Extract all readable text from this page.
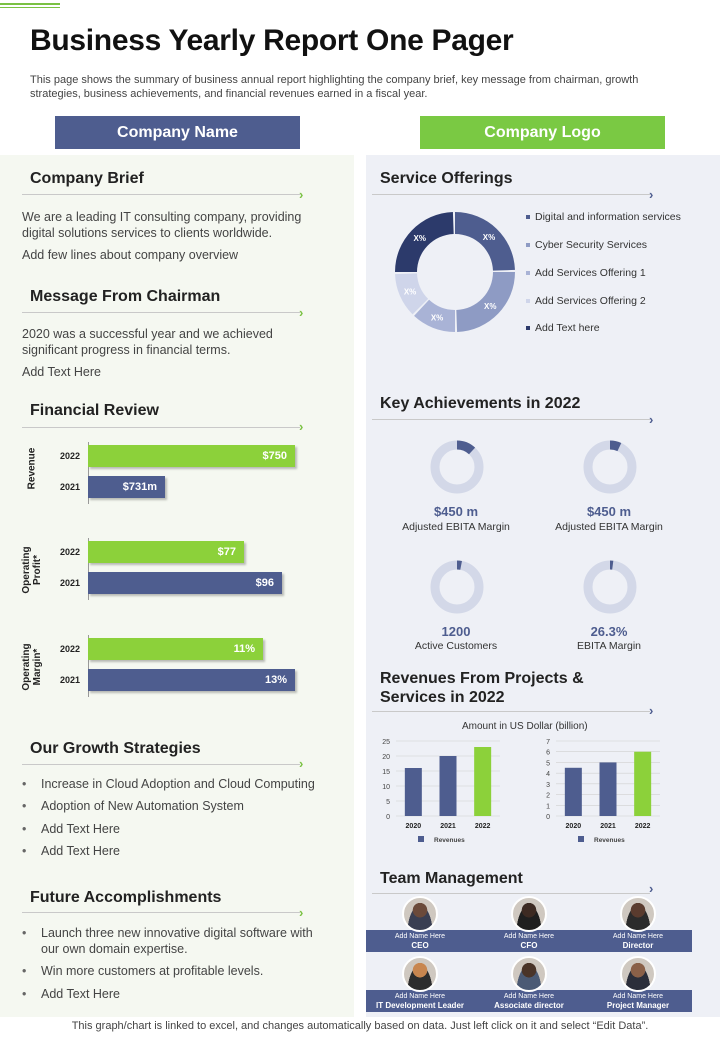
Business Yearly Report One Pager
This page shows the summary of business annual report highlighting the company brief, key message from chairman, growth strategies, business achievements, and financial revenues earned in a fiscal year.
Company Name	Company Logo
Company Brief
›
We are a leading IT consulting company, providing
digital solutions services to clients worldwide.
Add few lines about company overview
Message From Chairman
›
2020 was a successful year and we achieved
significant progress in financial terms.
Add Text Here
Financial Review
›
Revenue	2022	$750
2021	$731m
Operating Profit*
2022	$77
2021	$96
Operating Margin* 2022	11%
2021	13%
Our Growth Strategies
›
• Increase in Cloud Adoption and Cloud Computing
• Adoption of New Automation System
• Add Text Here
• Add Text Here
Future Accomplishments
›
• Launch three new innovative digital software with
our own domain expertise.
• Win more customers at profitable levels.
• Add Text Here
Service Offerings
›
X%
X%
X%
X%
X%
Digital and information services
Cyber Security Services
Add Services Offering 1
Add Services Offering 2
Add Text here
Key Achievements in 2022
›
$450 m
Adjusted EBITA Margin
$450 m
Adjusted EBITA Margin
1200
Active Customers
26.3%
EBITA Margin
Revenues From Projects &
Services in 2022
›
Amount in US Dollar (billion)
0
5
10
15
20
25
2020	2021	2022
Revenues
0
1
2
3
4
5
6
7
2020	2021	2022
Revenues
Team Management
›
Add Name Here
CEO
Add Name Here
CFO
Add Name Here
Director
Add Name Here
IT Development Leader
Add Name Here
Associate director
Add Name Here
Project Manager
This graph/chart is linked to excel, and changes automatically based on data. Just left click on it and select “Edit Data”.
